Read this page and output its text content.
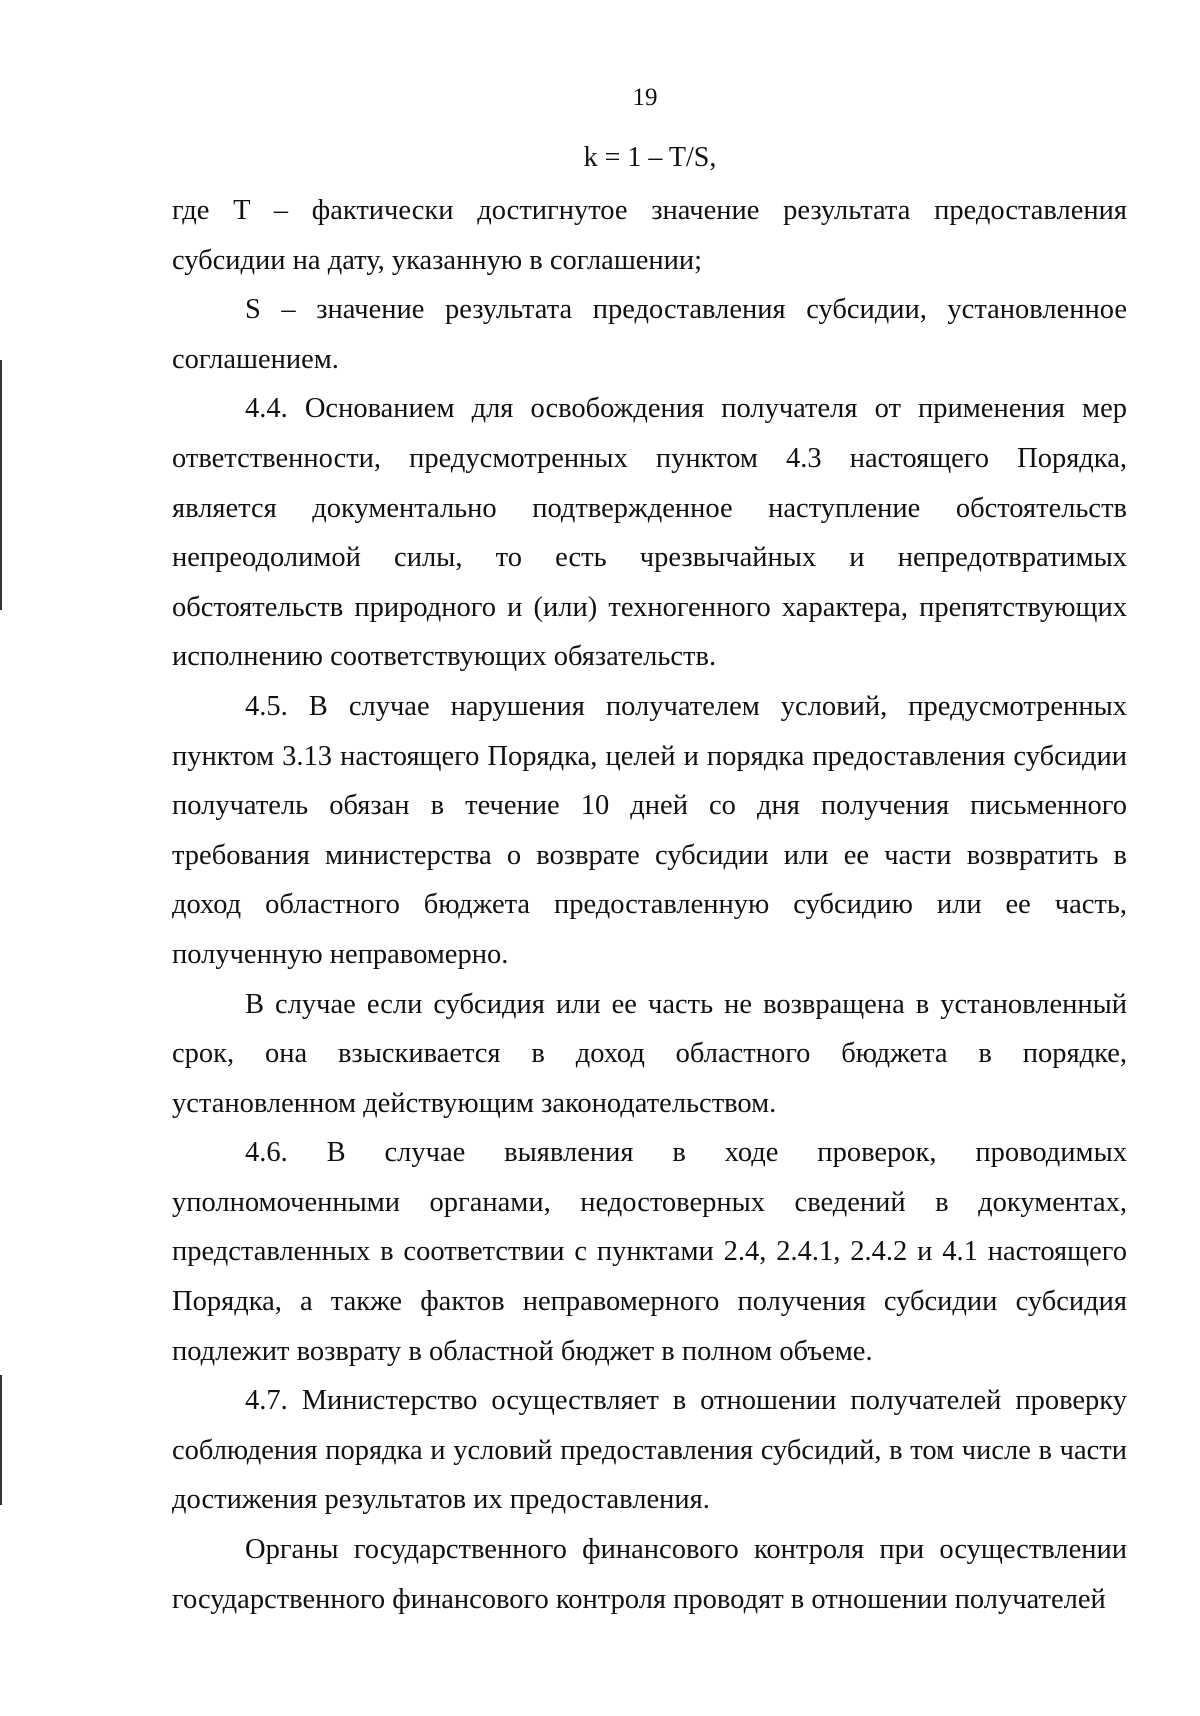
19
k = 1 – T/S,

где T – фактически достигнутое значение результата предоставления субсидии на дату, указанную в соглашении;

S – значение результата предоставления субсидии, установленное соглашением.

4.4. Основанием для освобождения получателя от применения мер ответственности, предусмотренных пунктом 4.3 настоящего Порядка, является документально подтвержденное наступление обстоятельств непреодолимой силы, то есть чрезвычайных и непредотвратимых обстоятельств природного и (или) техногенного характера, препятствующих исполнению соответствующих обязательств.

4.5. В случае нарушения получателем условий, предусмотренных пунктом 3.13 настоящего Порядка, целей и порядка предоставления субсидии получатель обязан в течение 10 дней со дня получения письменного требования министерства о возврате субсидии или ее части возвратить в доход областного бюджета предоставленную субсидию или ее часть, полученную неправомерно.

В случае если субсидия или ее часть не возвращена в установленный срок, она взыскивается в доход областного бюджета в порядке, установленном действующим законодательством.

4.6. В случае выявления в ходе проверок, проводимых уполномоченными органами, недостоверных сведений в документах, представленных в соответствии с пунктами 2.4, 2.4.1, 2.4.2 и 4.1 настоящего Порядка, а также фактов неправомерного получения субсидии субсидия подлежит возврату в областной бюджет в полном объеме.

4.7. Министерство осуществляет в отношении получателей проверку соблюдения порядка и условий предоставления субсидий, в том числе в части достижения результатов их предоставления.

Органы государственного финансового контроля при осуществлении государственного финансового контроля проводят в отношении получателей
